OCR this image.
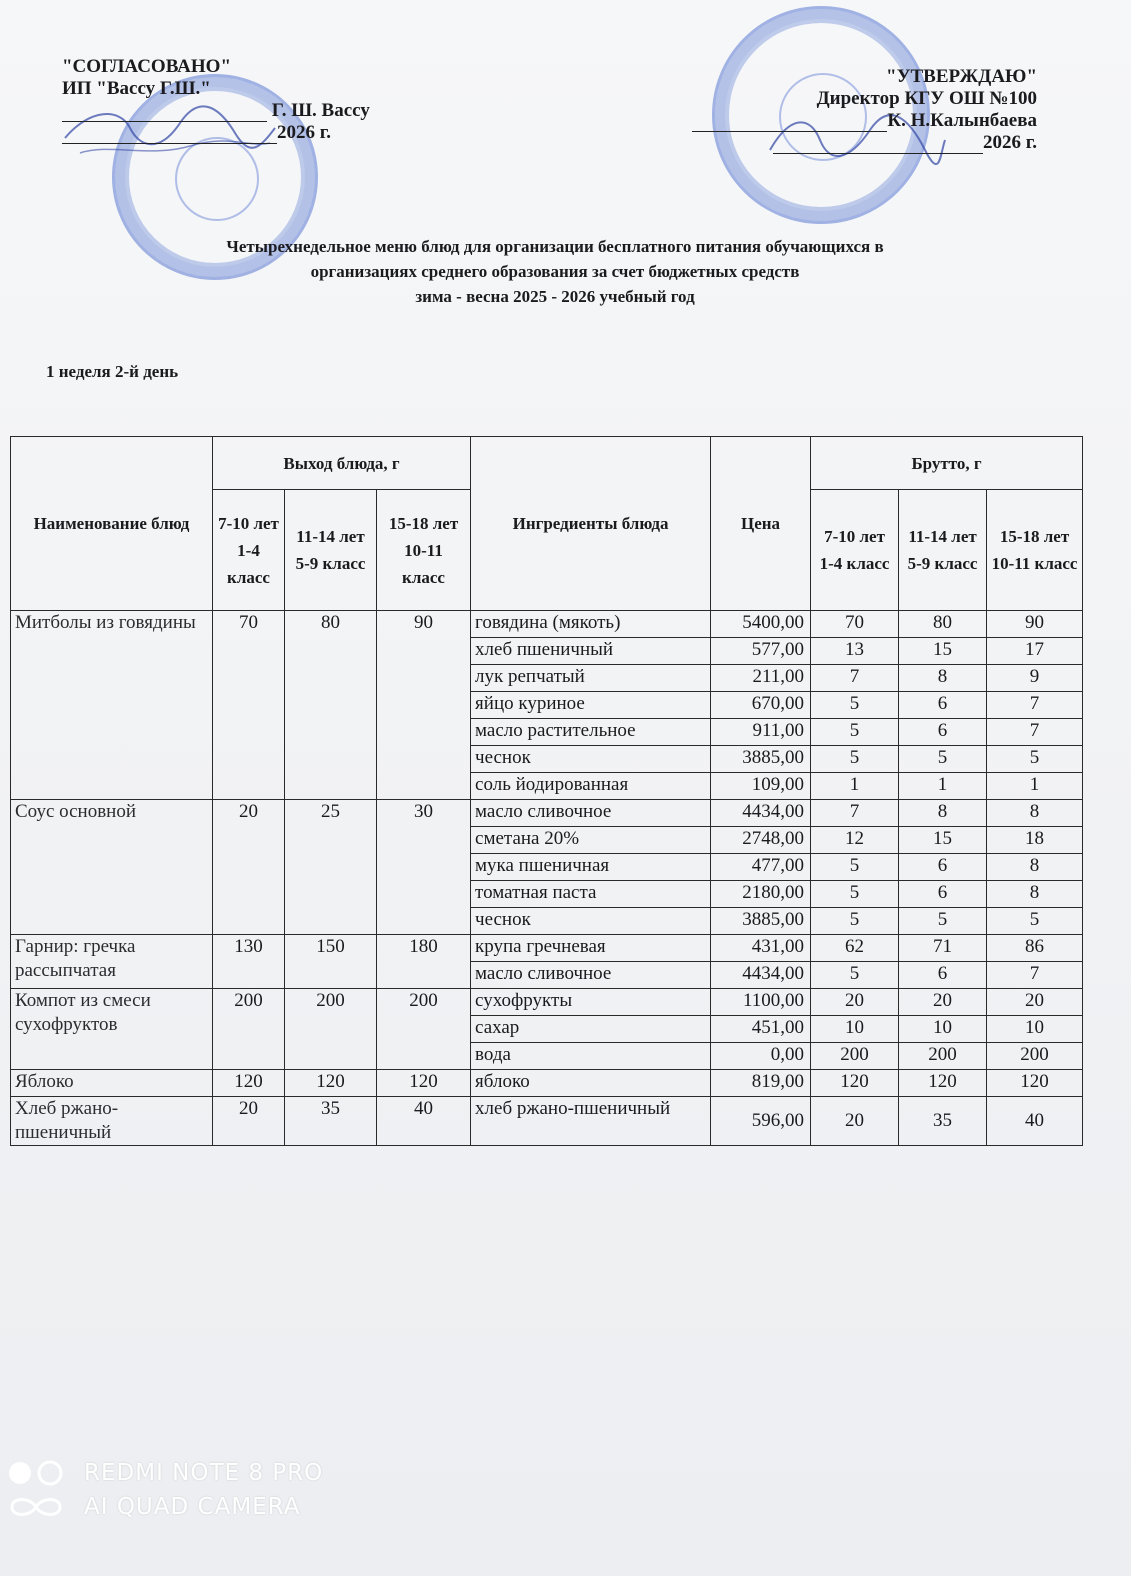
"СОГЛАСОВАНО"
ИП "Вассу Г.Ш."
Г. Ш. Вассу
2026 г.
"УТВЕРЖДАЮ"
Директор КГУ ОШ №100
К. Н.Калынбаева
2026 г.
Четырехнедельное меню блюд для организации бесплатного питания обучающихся в
организациях среднего образования за счет бюджетных средств
зима - весна 2025 - 2026 учебный год
1 неделя 2-й день
Наименование блюд	Выход блюда, г			Ингредиенты блюда	Цена	Брутто, г		
	7-10 лет 1-4 класс	11-14 лет 5-9 класс	15-18 лет 10-11 класс			7-10 лет 1-4 класс	11-14 лет 5-9 класс	15-18 лет 10-11 класс
Митболы из говядины	70	80	90	говядина (мякоть)	5400,00	70	80	90
				хлеб пшеничный	577,00	13	15	17
				лук репчатый	211,00	7	8	9
				яйцо куриное	670,00	5	6	7
				масло растительное	911,00	5	6	7
				чеснок	3885,00	5	5	5
				соль йодированная	109,00	1	1	1
Соус основной	20	25	30	масло сливочное	4434,00	7	8	8
				сметана 20%	2748,00	12	15	18
				мука пшеничная	477,00	5	6	8
				томатная паста	2180,00	5	6	8
				чеснок	3885,00	5	5	5
Гарнир: гречка рассыпчатая	130	150	180	крупа гречневая	431,00	62	71	86
				масло сливочное	4434,00	5	6	7
Компот из смеси сухофруктов	200	200	200	сухофрукты	1100,00	20	20	20
				сахар	451,00	10	10	10
				вода	0,00	200	200	200
Яблоко	120	120	120	яблоко	819,00	120	120	120
Хлеб ржано-пшеничный	20	35	40	хлеб ржано-пшеничный	596,00	20	35	40
REDMI NOTE 8 PRO
AI QUAD CAMERA
